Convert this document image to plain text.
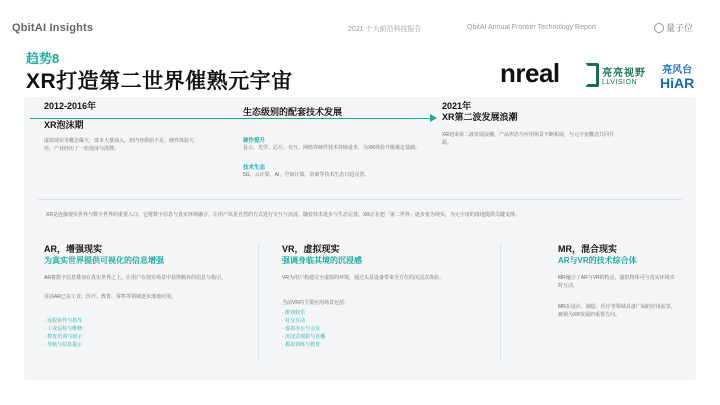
QbitAI Insights	2021 十大前沿科技报告	QbitAI Annual Frontier Technology Report	量子位
趋势8
XR打造第二世界催熟元宇宙	nreal	亮亮视野
LLVISION
亮风台
HiAR
2012-2016年
XR泡沫期
虚拟现实等概念爆火，资本大量涌入，但内容供给不足、硬件体验欠佳，产业经历了一轮泡沫与洗牌。
生态级别的配套技术发展
硬件提升
显示、光学、芯片、交互、网络等硬件技术持续进步，为XR体验升级奠定基础。
技术生态
5G、云计算、AI、空间计算、渲染等技术生态日趋完善。
2021年
XR第二波发展浪潮
XR迎来第二波发展浪潮，产品形态与应用场景不断拓展，与元宇宙概念共同升温。
XR是连接现实世界与数字世界的重要入口，它将数字信息与真实环境融合，让用户以更自然的方式进行交互与沉浸。随着技术进步与生态完善，XR正在把「第二世界」逐步变为现实，为元宇宙的落地提供关键支撑。
AR，增强现实
为真实世界提供可视化的信息增强
AR将数字信息叠加在真实世界之上，让用户在现实场景中获得额外的信息与指引。
目前AR已在工业、医疗、教育、零售等领域逐步落地应用。
· 远程协作与指导
· 工业巡检与维修
· 教育培训与展示
· 导航与信息提示
VR，虚拟现实
强调身临其境的沉浸感
VR为用户构建完全虚拟的环境，通过头显设备带来全方位的沉浸式体验。
当前VR的主要应用场景包括：
· 游戏娱乐
· 社交互动
· 虚拟办公与会议
· 沉浸式观影与直播
· 模拟训练与教育
MR，混合现实
AR与VR的技术综合体
MR融合了AR与VR的特点，虚拟物体可与真实环境实时互动。
MR在设计、制造、医疗等领域具备广阔的应用前景，被视为XR发展的重要方向。
